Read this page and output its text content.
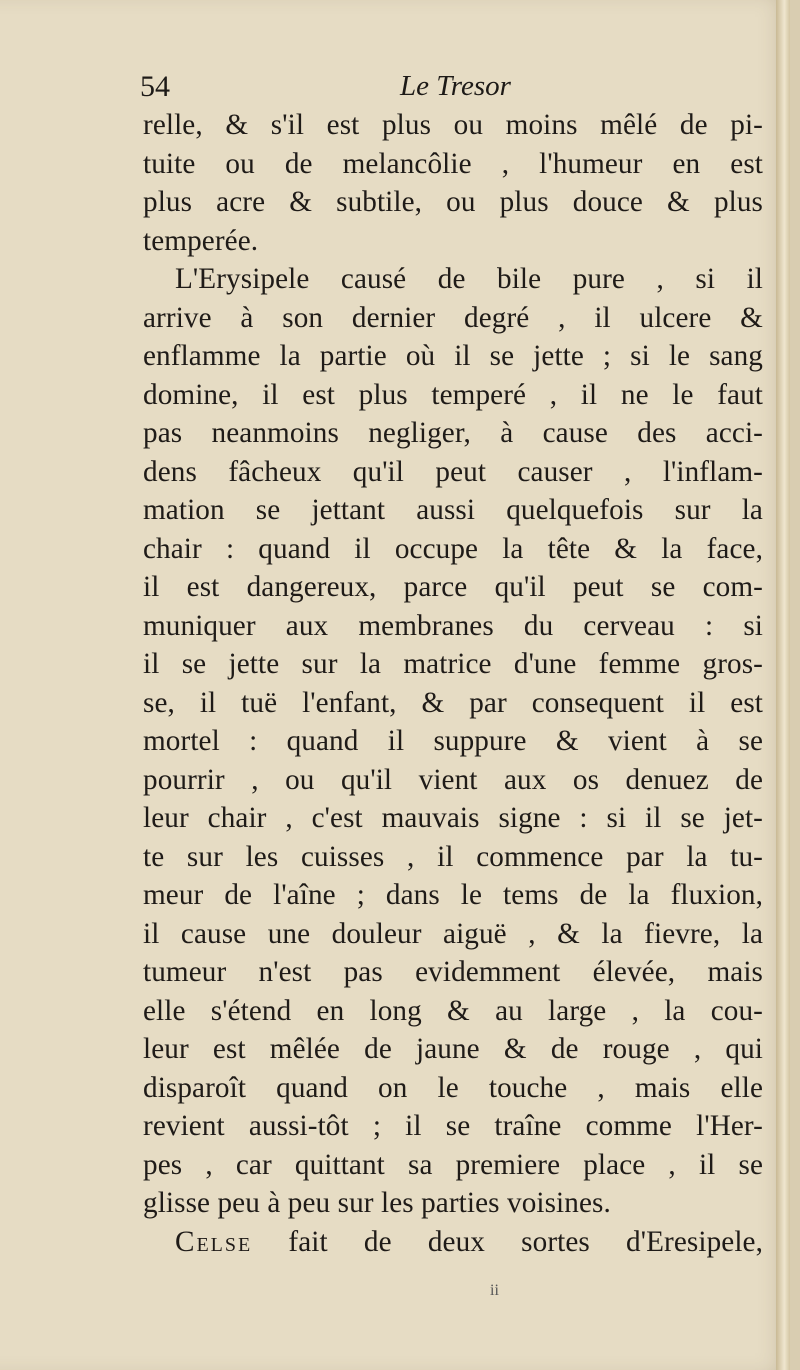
54	Le Tresor
relle, & s'il est plus ou moins mêlé de pi-
tuite ou de melancôlie , l'humeur en est
plus acre & subtile, ou plus douce & plus
temperée.
L'Erysipele causé de bile pure , si il
arrive à son dernier degré , il ulcere &
enflamme la partie où il se jette ; si le sang
domine, il est plus temperé , il ne le faut
pas neanmoins negliger, à cause des acci-
dens fâcheux qu'il peut causer , l'inflam-
mation se jettant aussi quelquefois sur la
chair : quand il occupe la tête & la face,
il est dangereux, parce qu'il peut se com-
muniquer aux membranes du cerveau : si
il se jette sur la matrice d'une femme gros-
se, il tuë l'enfant, & par consequent il est
mortel : quand il suppure & vient à se
pourrir , ou qu'il vient aux os denuez de
leur chair , c'est mauvais signe : si il se jet-
te sur les cuisses , il commence par la tu-
meur de l'aîne ; dans le tems de la fluxion,
il cause une douleur aiguë , & la fievre, la
tumeur n'est pas evidemment élevée, mais
elle s'étend en long & au large , la cou-
leur est mêlée de jaune & de rouge , qui
disparoît quand on le touche , mais elle
revient aussi-tôt ; il se traîne comme l'Her-
pes , car quittant sa premiere place , il se
glisse peu à peu sur les parties voisines.
Celse fait de deux sortes d'Eresipele,
ii
